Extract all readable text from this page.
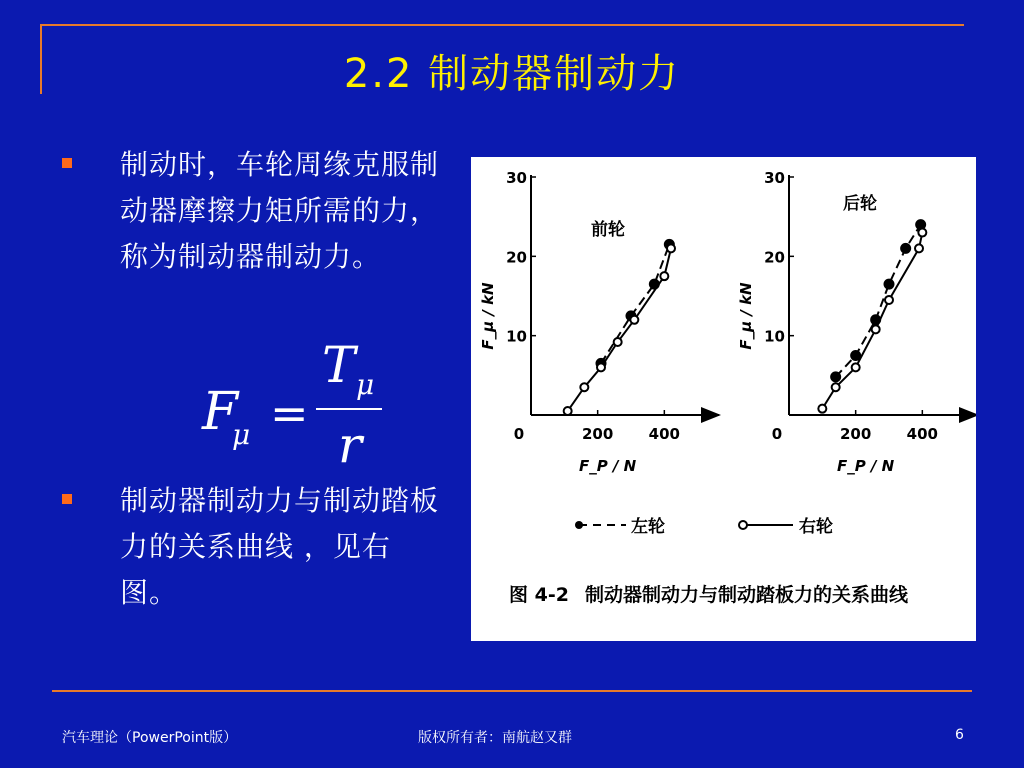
2.2 制动器制动力
制动时，车轮周缘克服制动器摩擦力矩所需的力，称为制动器制动力。
制动器制动力与制动踏板力的关系曲线 ，见右图。
F
μ =
T μ
r
10
20
30
200 400
0
F_P / N
F_μ / kN
前轮
10
20
30
200 400
0
F_P / N
F_μ / kN
后轮
左轮	右轮
图 4-2 制动器制动力与制动踏板力的关系曲线
汽车理论（PowerPoint版）	版权所有者：南航赵又群	6
